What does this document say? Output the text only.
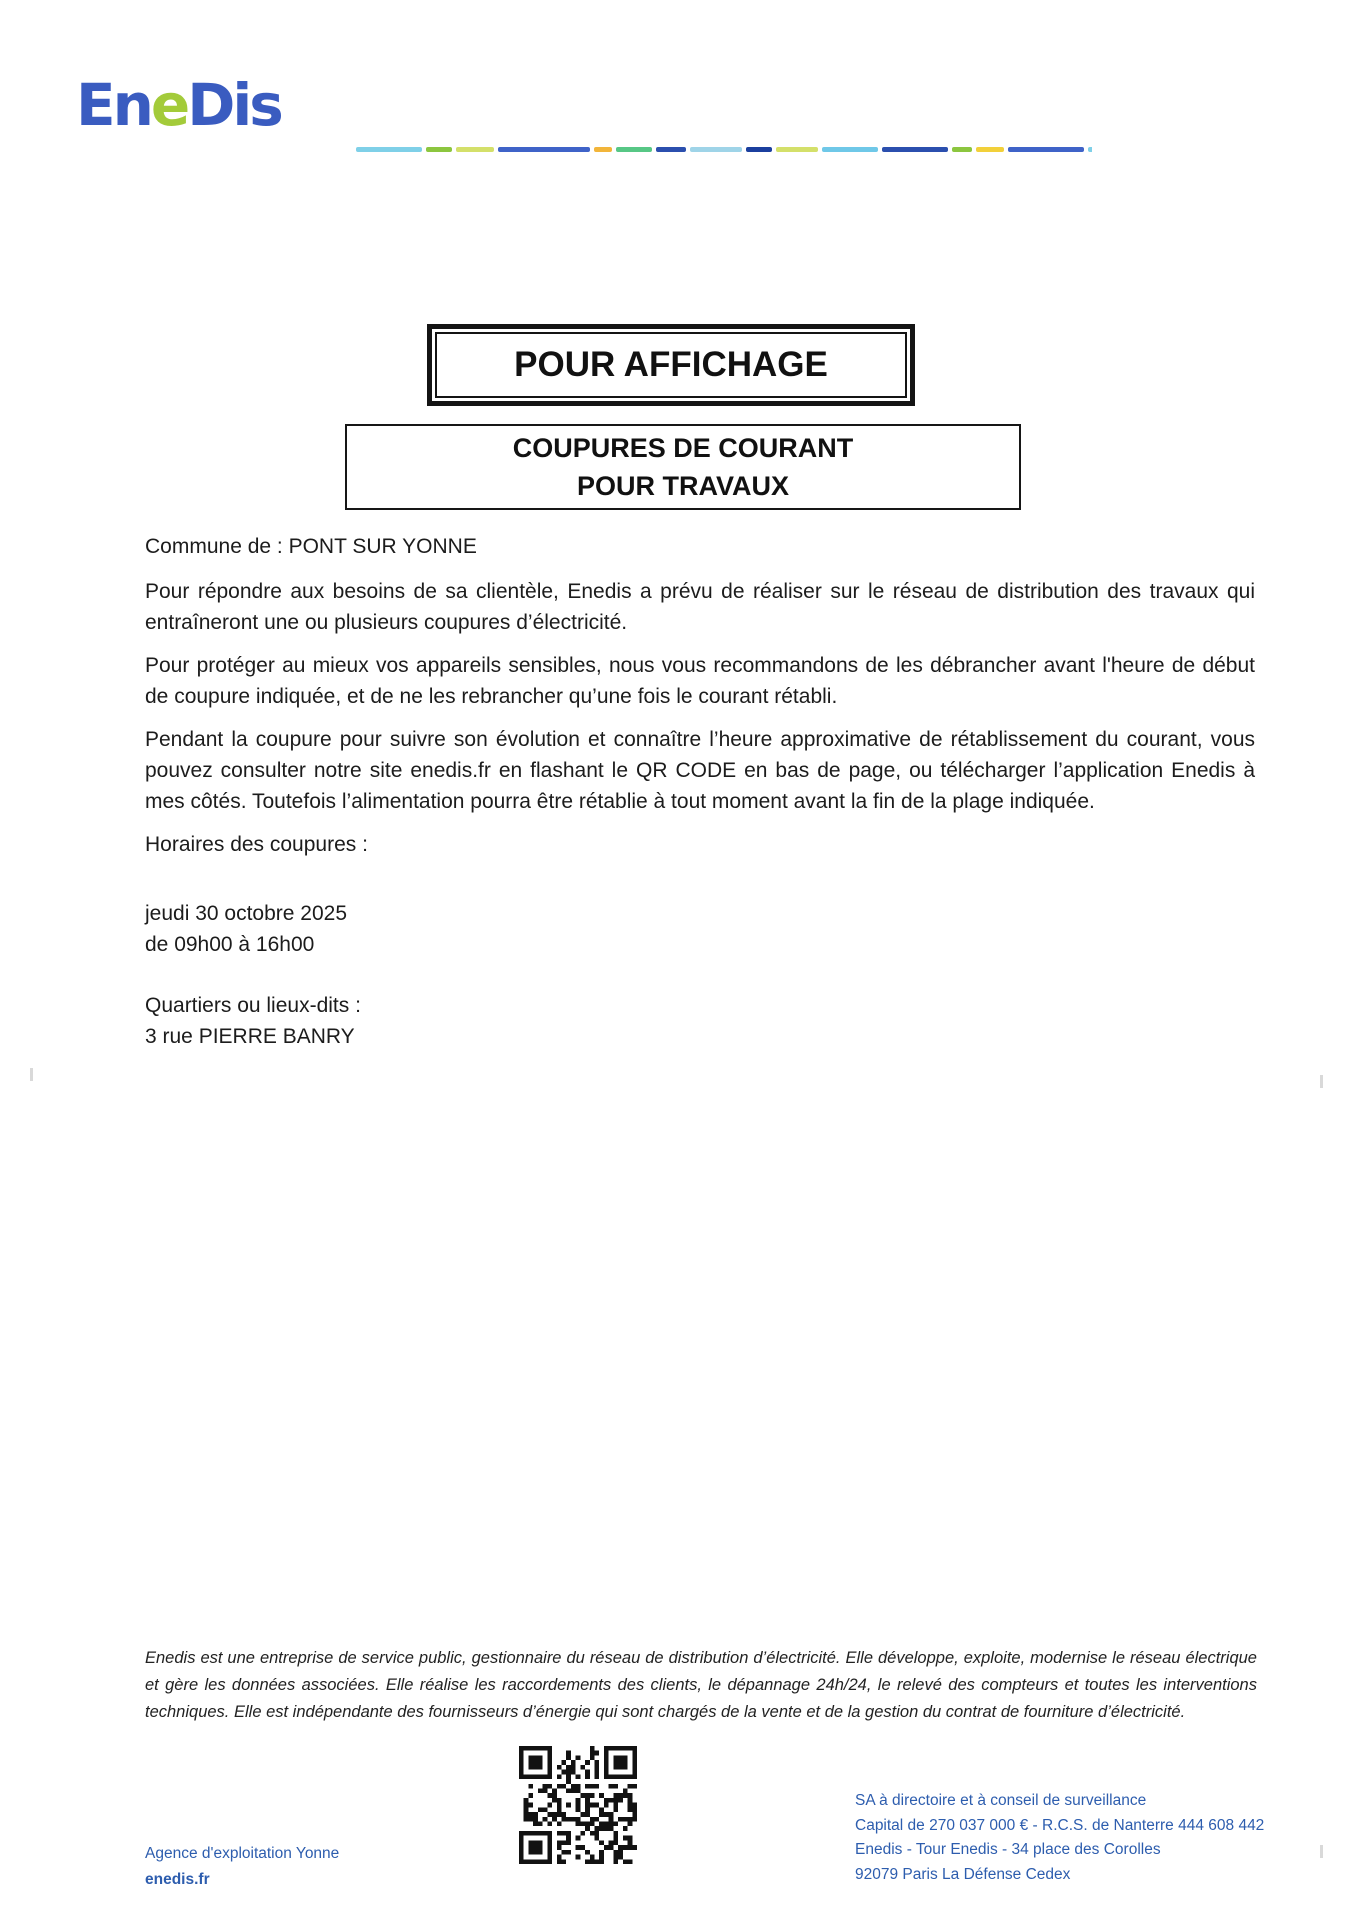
EneDis
POUR AFFICHAGE
COUPURES DE COURANT
POUR TRAVAUX

Commune de : PONT SUR YONNE

Pour répondre aux besoins de sa clientèle, Enedis a prévu de réaliser sur le réseau de distribution des travaux qui entraîneront une ou plusieurs coupures d’électricité.

Pour protéger au mieux vos appareils sensibles, nous vous recommandons de les débrancher avant l'heure de début de coupure indiquée, et de ne les rebrancher qu’une fois le courant rétabli.

Pendant la coupure pour suivre son évolution et connaître l’heure approximative de rétablissement du courant, vous pouvez consulter notre site enedis.fr en flashant le QR CODE en bas de page, ou télécharger l’application Enedis à mes côtés. Toutefois l’alimentation pourra être rétablie à tout moment avant la fin de la plage indiquée.

Horaires des coupures :

jeudi 30 octobre 2025
de 09h00 à 16h00

Quartiers ou lieux-dits :
3 rue PIERRE BANRY

Enedis est une entreprise de service public, gestionnaire du réseau de distribution d’électricité. Elle développe, exploite, modernise le réseau électrique et gère les données associées. Elle réalise les raccordements des clients, le dépannage 24h/24, le relevé des compteurs et toutes les interventions techniques. Elle est indépendante des fournisseurs d’énergie qui sont chargés de la vente et de la gestion du contrat de fourniture d’électricité.
Agence d'exploitation Yonne
enedis.fr
SA à directoire et à conseil de surveillance
Capital de 270 037 000 € - R.C.S. de Nanterre 444 608 442
Enedis - Tour Enedis - 34 place des Corolles
92079 Paris La Défense Cedex
